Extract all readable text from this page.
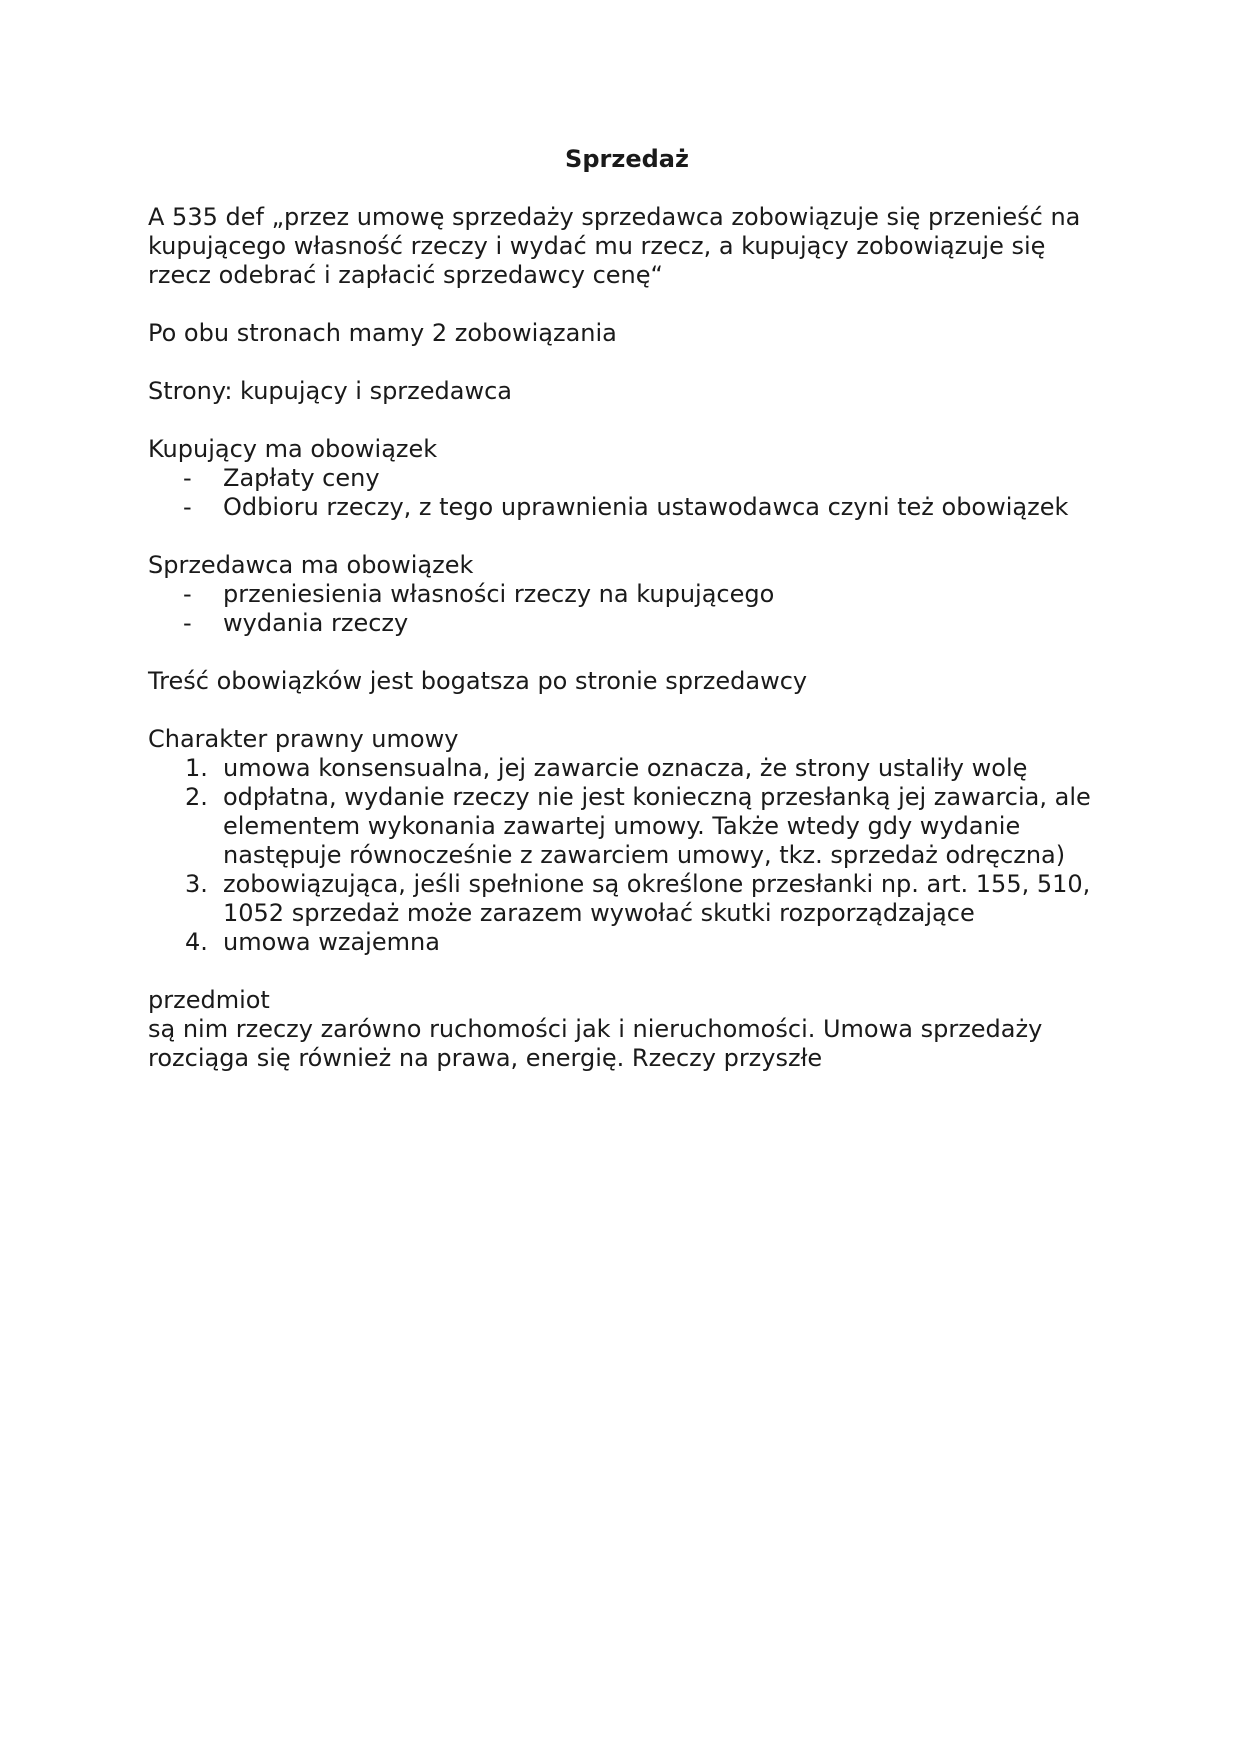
Sprzedaż

A 535 def „przez umowę sprzedaży sprzedawca zobowiązuje się przenieść na kupującego własność rzeczy i wydać mu rzecz, a kupujący zobowiązuje się rzecz odebrać i zapłacić sprzedawcy cenę“

Po obu stronach mamy 2 zobowiązania

Strony: kupujący i sprzedawca

Kupujący ma obowiązek
- Zapłaty ceny
- Odbioru rzeczy, z tego uprawnienia ustawodawca czyni też obowiązek
Sprzedawca ma obowiązek
- przeniesienia własności rzeczy na kupującego
- wydania rzeczy

Treść obowiązków jest bogatsza po stronie sprzedawcy

Charakter prawny umowy
1. umowa konsensualna, jej zawarcie oznacza, że strony ustaliły wolę
2. odpłatna, wydanie rzeczy nie jest konieczną przesłanką jej zawarcia, ale elementem wykonania zawartej umowy. Także wtedy gdy wydanie następuje równocześnie z zawarciem umowy, tkz. sprzedaż odręczna)
3. zobowiązująca, jeśli spełnione są określone przesłanki np. art. 155, 510, 1052 sprzedaż może zarazem wywołać skutki rozporządzające
4. umowa wzajemna
przedmiot
są nim rzeczy zarówno ruchomości jak i nieruchomości. Umowa sprzedaży rozciąga się również na prawa, energię. Rzeczy przyszłe
